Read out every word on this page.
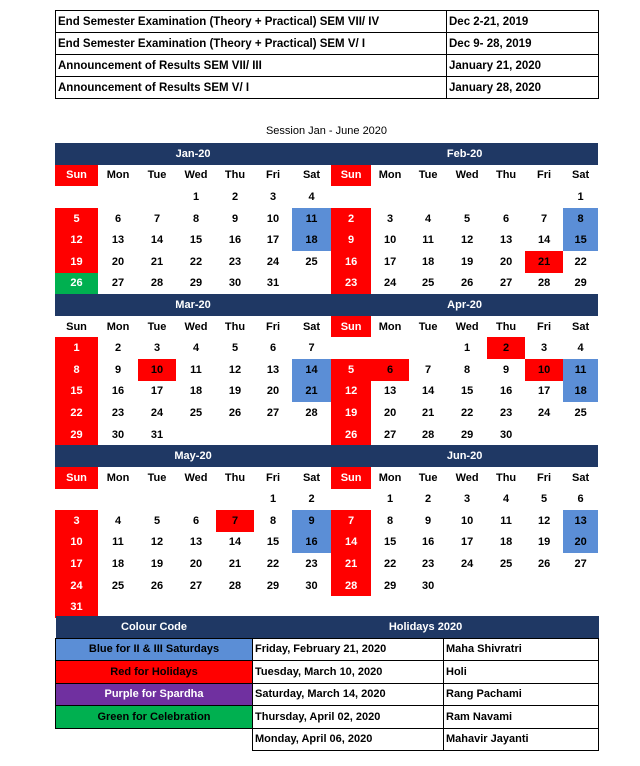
End Semester Examination (Theory + Practical) SEM VII/ IV	Dec 2-21, 2019
End Semester Examination (Theory + Practical) SEM V/ I	Dec 9- 28, 2019
Announcement of Results SEM VII/ III	January 21, 2020
Announcement of Results SEM V/ I	January 28, 2020
Session Jan - June 2020
Jan-20							Feb-20						
Sun	Mon	Tue	Wed	Thu	Fri	Sat	Sun	Mon	Tue	Wed	Thu	Fri	Sat
			1	2	3	4							1
5	6	7	8	9	10	11	2	3	4	5	6	7	8
12	13	14	15	16	17	18	9	10	11	12	13	14	15
19	20	21	22	23	24	25	16	17	18	19	20	21	22
26	27	28	29	30	31		23	24	25	26	27	28	29
Mar-20							Apr-20						
Sun	Mon	Tue	Wed	Thu	Fri	Sat	Sun	Mon	Tue	Wed	Thu	Fri	Sat
1	2	3	4	5	6	7				1	2	3	4
8	9	10	11	12	13	14	5	6	7	8	9	10	11
15	16	17	18	19	20	21	12	13	14	15	16	17	18
22	23	24	25	26	27	28	19	20	21	22	23	24	25
29	30	31					26	27	28	29	30		
May-20							Jun-20						
Sun	Mon	Tue	Wed	Thu	Fri	Sat	Sun	Mon	Tue	Wed	Thu	Fri	Sat
					1	2		1	2	3	4	5	6
3	4	5	6	7	8	9	7	8	9	10	11	12	13
10	11	12	13	14	15	16	14	15	16	17	18	19	20
17	18	19	20	21	22	23	21	22	23	24	25	26	27
24	25	26	27	28	29	30	28	29	30				
31													
Colour Code	Holidays 2020	
Blue for II & III Saturdays	Friday, February 21, 2020	Maha Shivratri
Red for Holidays	Tuesday, March 10, 2020	Holi
Purple for Spardha	Saturday, March 14, 2020	Rang Pachami
Green for Celebration	Thursday, April 02, 2020	Ram Navami
	Monday, April 06, 2020	Mahavir Jayanti
